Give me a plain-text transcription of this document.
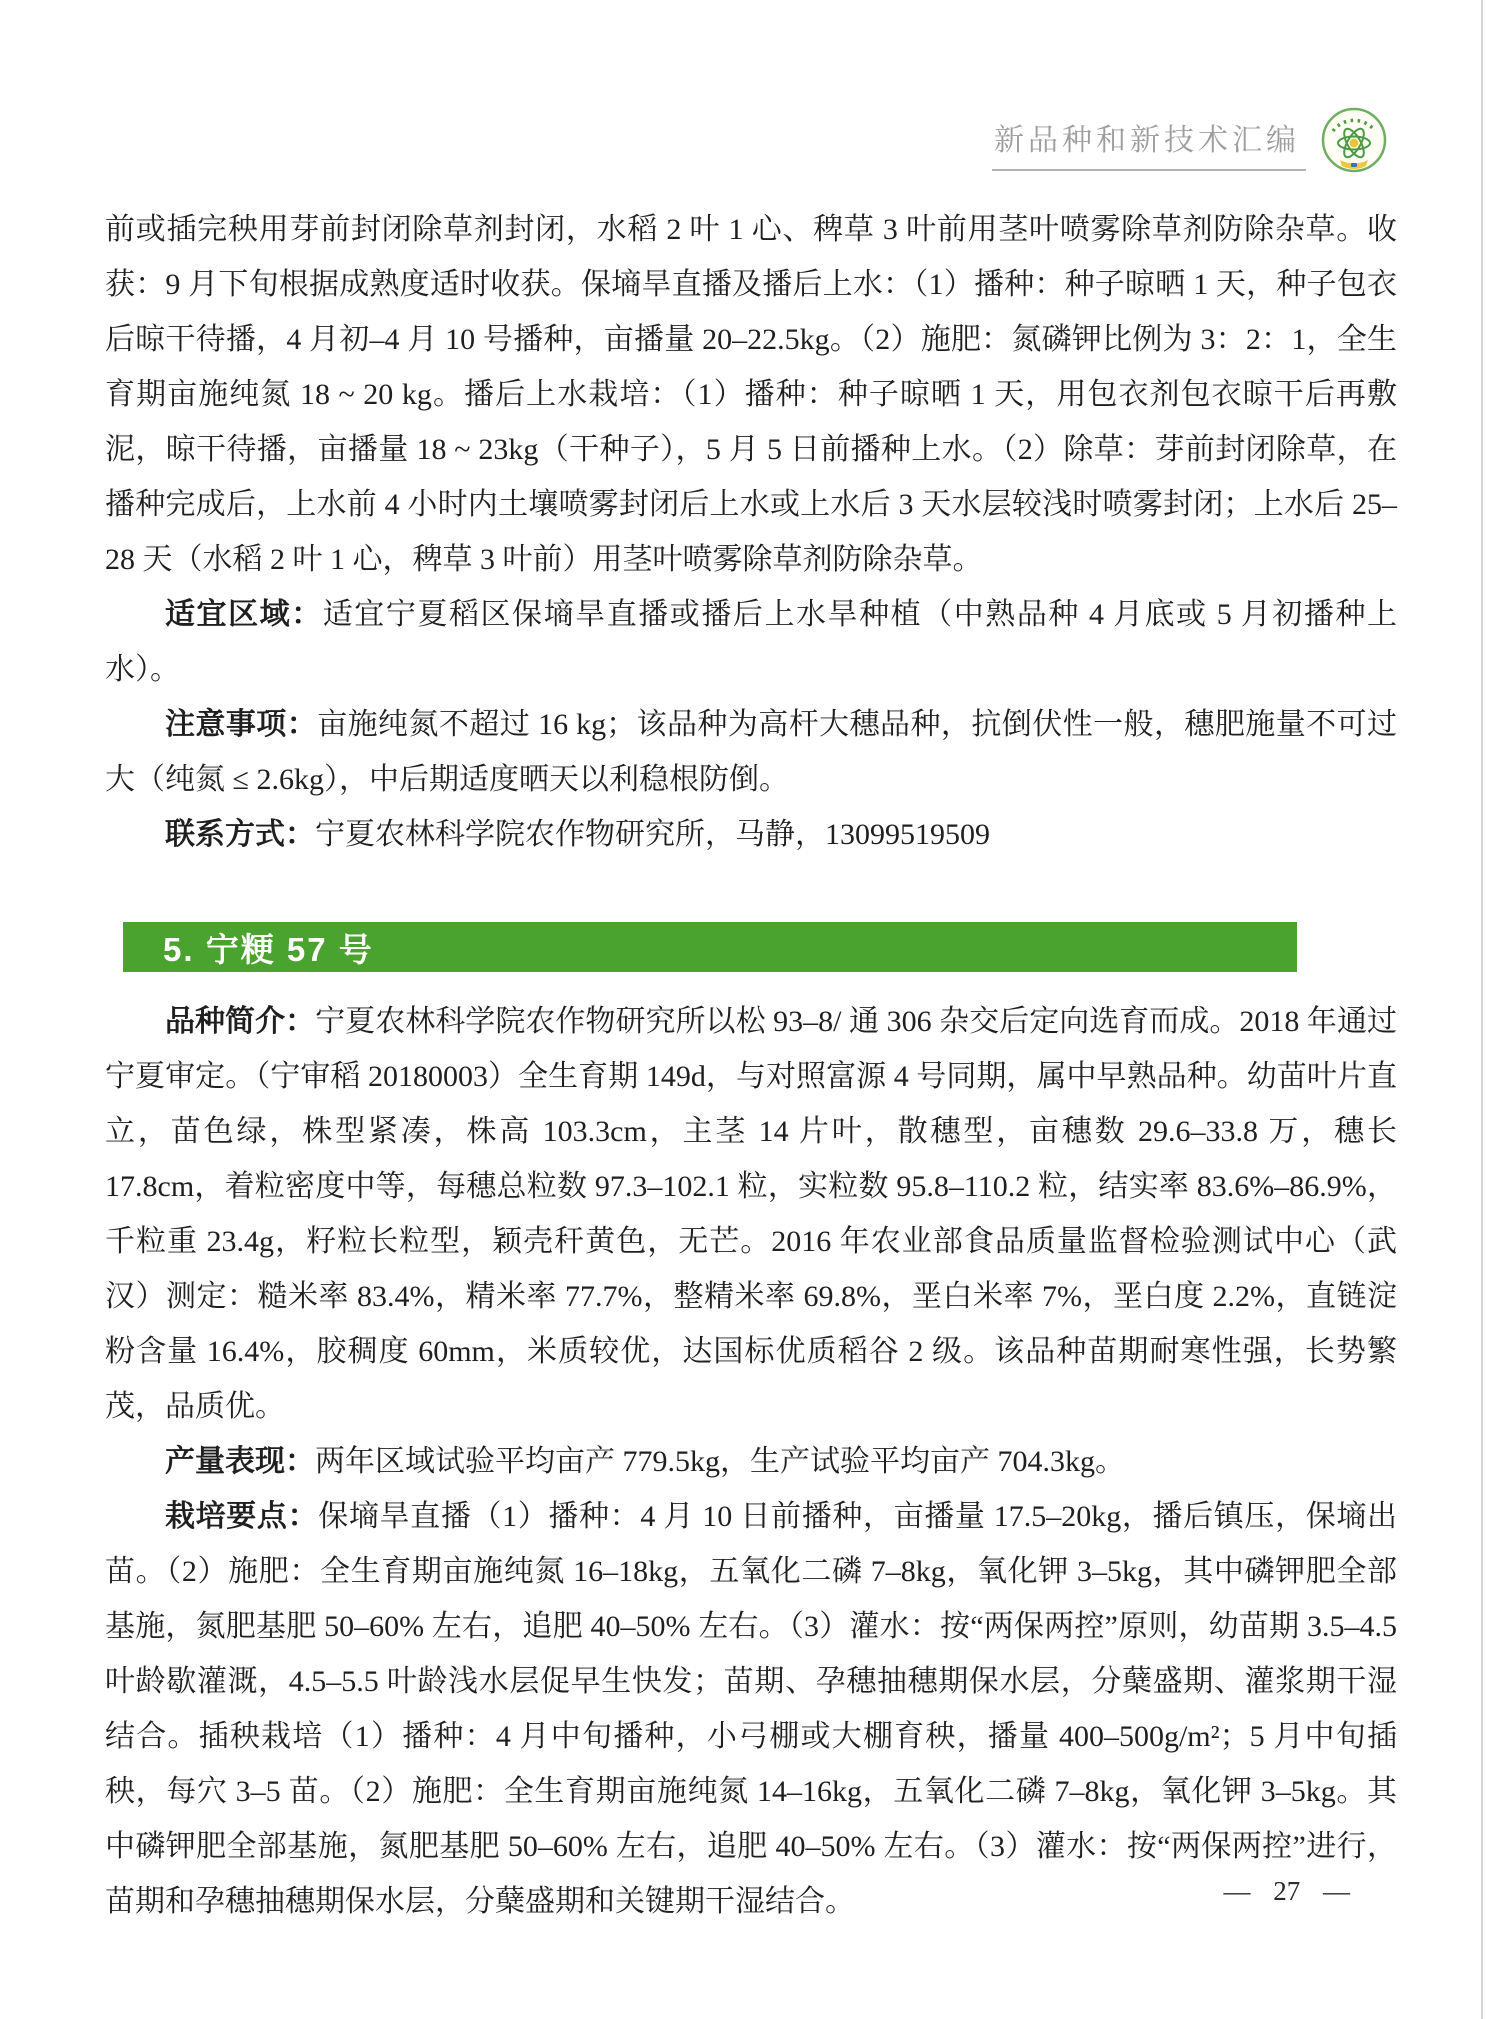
新品种和新技术汇编

前或插完秧用芽前封闭除草剂封闭，水稻 2 叶 1 心、稗草 3 叶前用茎叶喷雾除草剂防除杂草。收获：9 月下旬根据成熟度适时收获。保墒旱直播及播后上水：（1）播种：种子晾晒 1 天，种子包衣后晾干待播，4 月初–4 月 10 号播种，亩播量 20–22.5kg。（2）施肥：氮磷钾比例为 3：2：1，全生育期亩施纯氮 18 ~ 20 kg。播后上水栽培：（1）播种：种子晾晒 1 天，用包衣剂包衣晾干后再敷泥，晾干待播，亩播量 18 ~ 23kg（干种子），5 月 5 日前播种上水。（2）除草：芽前封闭除草，在播种完成后，上水前 4 小时内土壤喷雾封闭后上水或上水后 3 天水层较浅时喷雾封闭；上水后 25–28 天（水稻 2 叶 1 心，稗草 3 叶前）用茎叶喷雾除草剂防除杂草。

适宜区域：适宜宁夏稻区保墒旱直播或播后上水旱种植（中熟品种 4 月底或 5 月初播种上水）。

注意事项：亩施纯氮不超过 16 kg；该品种为高杆大穗品种，抗倒伏性一般，穗肥施量不可过大（纯氮 ≤ 2.6kg），中后期适度晒天以利稳根防倒。

联系方式：宁夏农林科学院农作物研究所，马静，13099519509

5. 宁粳 57 号

品种简介：宁夏农林科学院农作物研究所以松 93–8/ 通 306 杂交后定向选育而成。2018 年通过宁夏审定。（宁审稻 20180003）全生育期 149d，与对照富源 4 号同期，属中早熟品种。幼苗叶片直立，苗色绿，株型紧凑，株高 103.3cm，主茎 14 片叶，散穗型，亩穗数 29.6–33.8 万，穗长 17.8cm，着粒密度中等，每穗总粒数 97.3–102.1 粒，实粒数 95.8–110.2 粒，结实率 83.6%–86.9%，千粒重 23.4g，籽粒长粒型，颖壳秆黄色，无芒。2016 年农业部食品质量监督检验测试中心（武汉）测定：糙米率 83.4%，精米率 77.7%，整精米率 69.8%，垩白米率 7%，垩白度 2.2%，直链淀粉含量 16.4%，胶稠度 60mm，米质较优，达国标优质稻谷 2 级。该品种苗期耐寒性强，长势繁茂，品质优。

产量表现：两年区域试验平均亩产 779.5kg，生产试验平均亩产 704.3kg。

栽培要点：保墒旱直播（1）播种：4 月 10 日前播种，亩播量 17.5–20kg，播后镇压，保墒出苗。（2）施肥：全生育期亩施纯氮 16–18kg，五氧化二磷 7–8kg，氧化钾 3–5kg，其中磷钾肥全部基施，氮肥基肥 50–60% 左右，追肥 40–50% 左右。（3）灌水：按“两保两控”原则，幼苗期 3.5–4.5 叶龄歇灌溉，4.5–5.5 叶龄浅水层促早生快发；苗期、孕穗抽穗期保水层，分蘖盛期、灌浆期干湿结合。插秧栽培（1）播种：4 月中旬播种，小弓棚或大棚育秧，播量 400–500g/m²；5 月中旬插秧，每穴 3–5 苗。（2）施肥：全生育期亩施纯氮 14–16kg，五氧化二磷 7–8kg，氧化钾 3–5kg。其中磷钾肥全部基施，氮肥基肥 50–60% 左右，追肥 40–50% 左右。（3）灌水：按“两保两控”进行，苗期和孕穗抽穗期保水层，分蘖盛期和关键期干湿结合。	— 27 —
